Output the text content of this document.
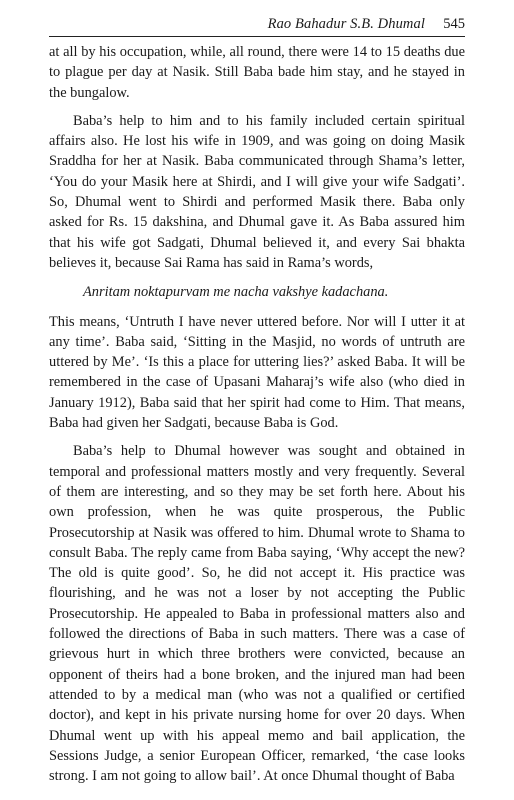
Rao Bahadur S.B. Dhumal 545

at all by his occupation, while, all round, there were 14 to 15 deaths due to plague per day at Nasik. Still Baba bade him stay, and he stayed in the bungalow.

Baba’s help to him and to his family included certain spiritual affairs also. He lost his wife in 1909, and was going on doing Masik Sraddha for her at Nasik. Baba communicated through Shama’s letter, ‘You do your Masik here at Shirdi, and I will give your wife Sadgati’. So, Dhumal went to Shirdi and performed Masik there. Baba only asked for Rs. 15 dakshina, and Dhumal gave it. As Baba assured him that his wife got Sadgati, Dhumal believed it, and every Sai bhakta believes it, because Sai Rama has said in Rama’s words,

Anritam noktapurvam me nacha vakshye kadachana.

This means, ‘Untruth I have never uttered before. Nor will I utter it at any time’. Baba said, ‘Sitting in the Masjid, no words of untruth are uttered by Me’. ‘Is this a place for uttering lies?’ asked Baba. It will be remembered in the case of Upasani Maharaj’s wife also (who died in January 1912), Baba said that her spirit had come to Him. That means, Baba had given her Sadgati, because Baba is God.

Baba’s help to Dhumal however was sought and obtained in temporal and professional matters mostly and very frequently. Several of them are interesting, and so they may be set forth here. About his own profession, when he was quite prosperous, the Public Prosecutorship at Nasik was offered to him. Dhumal wrote to Shama to consult Baba. The reply came from Baba saying, ‘Why accept the new? The old is quite good’. So, he did not accept it. His practice was flourishing, and he was not a loser by not accepting the Public Prosecutorship. He appealed to Baba in professional matters also and followed the directions of Baba in such matters. There was a case of grievous hurt in which three brothers were convicted, because an opponent of theirs had a bone broken, and the injured man had been attended to by a medical man (who was not a qualified or certified doctor), and kept in his private nursing home for over 20 days. When Dhumal went up with his appeal memo and bail application, the Sessions Judge, a senior European Officer, remarked, ‘the case looks strong. I am not going to allow bail’. At once Dhumal thought of Baba
